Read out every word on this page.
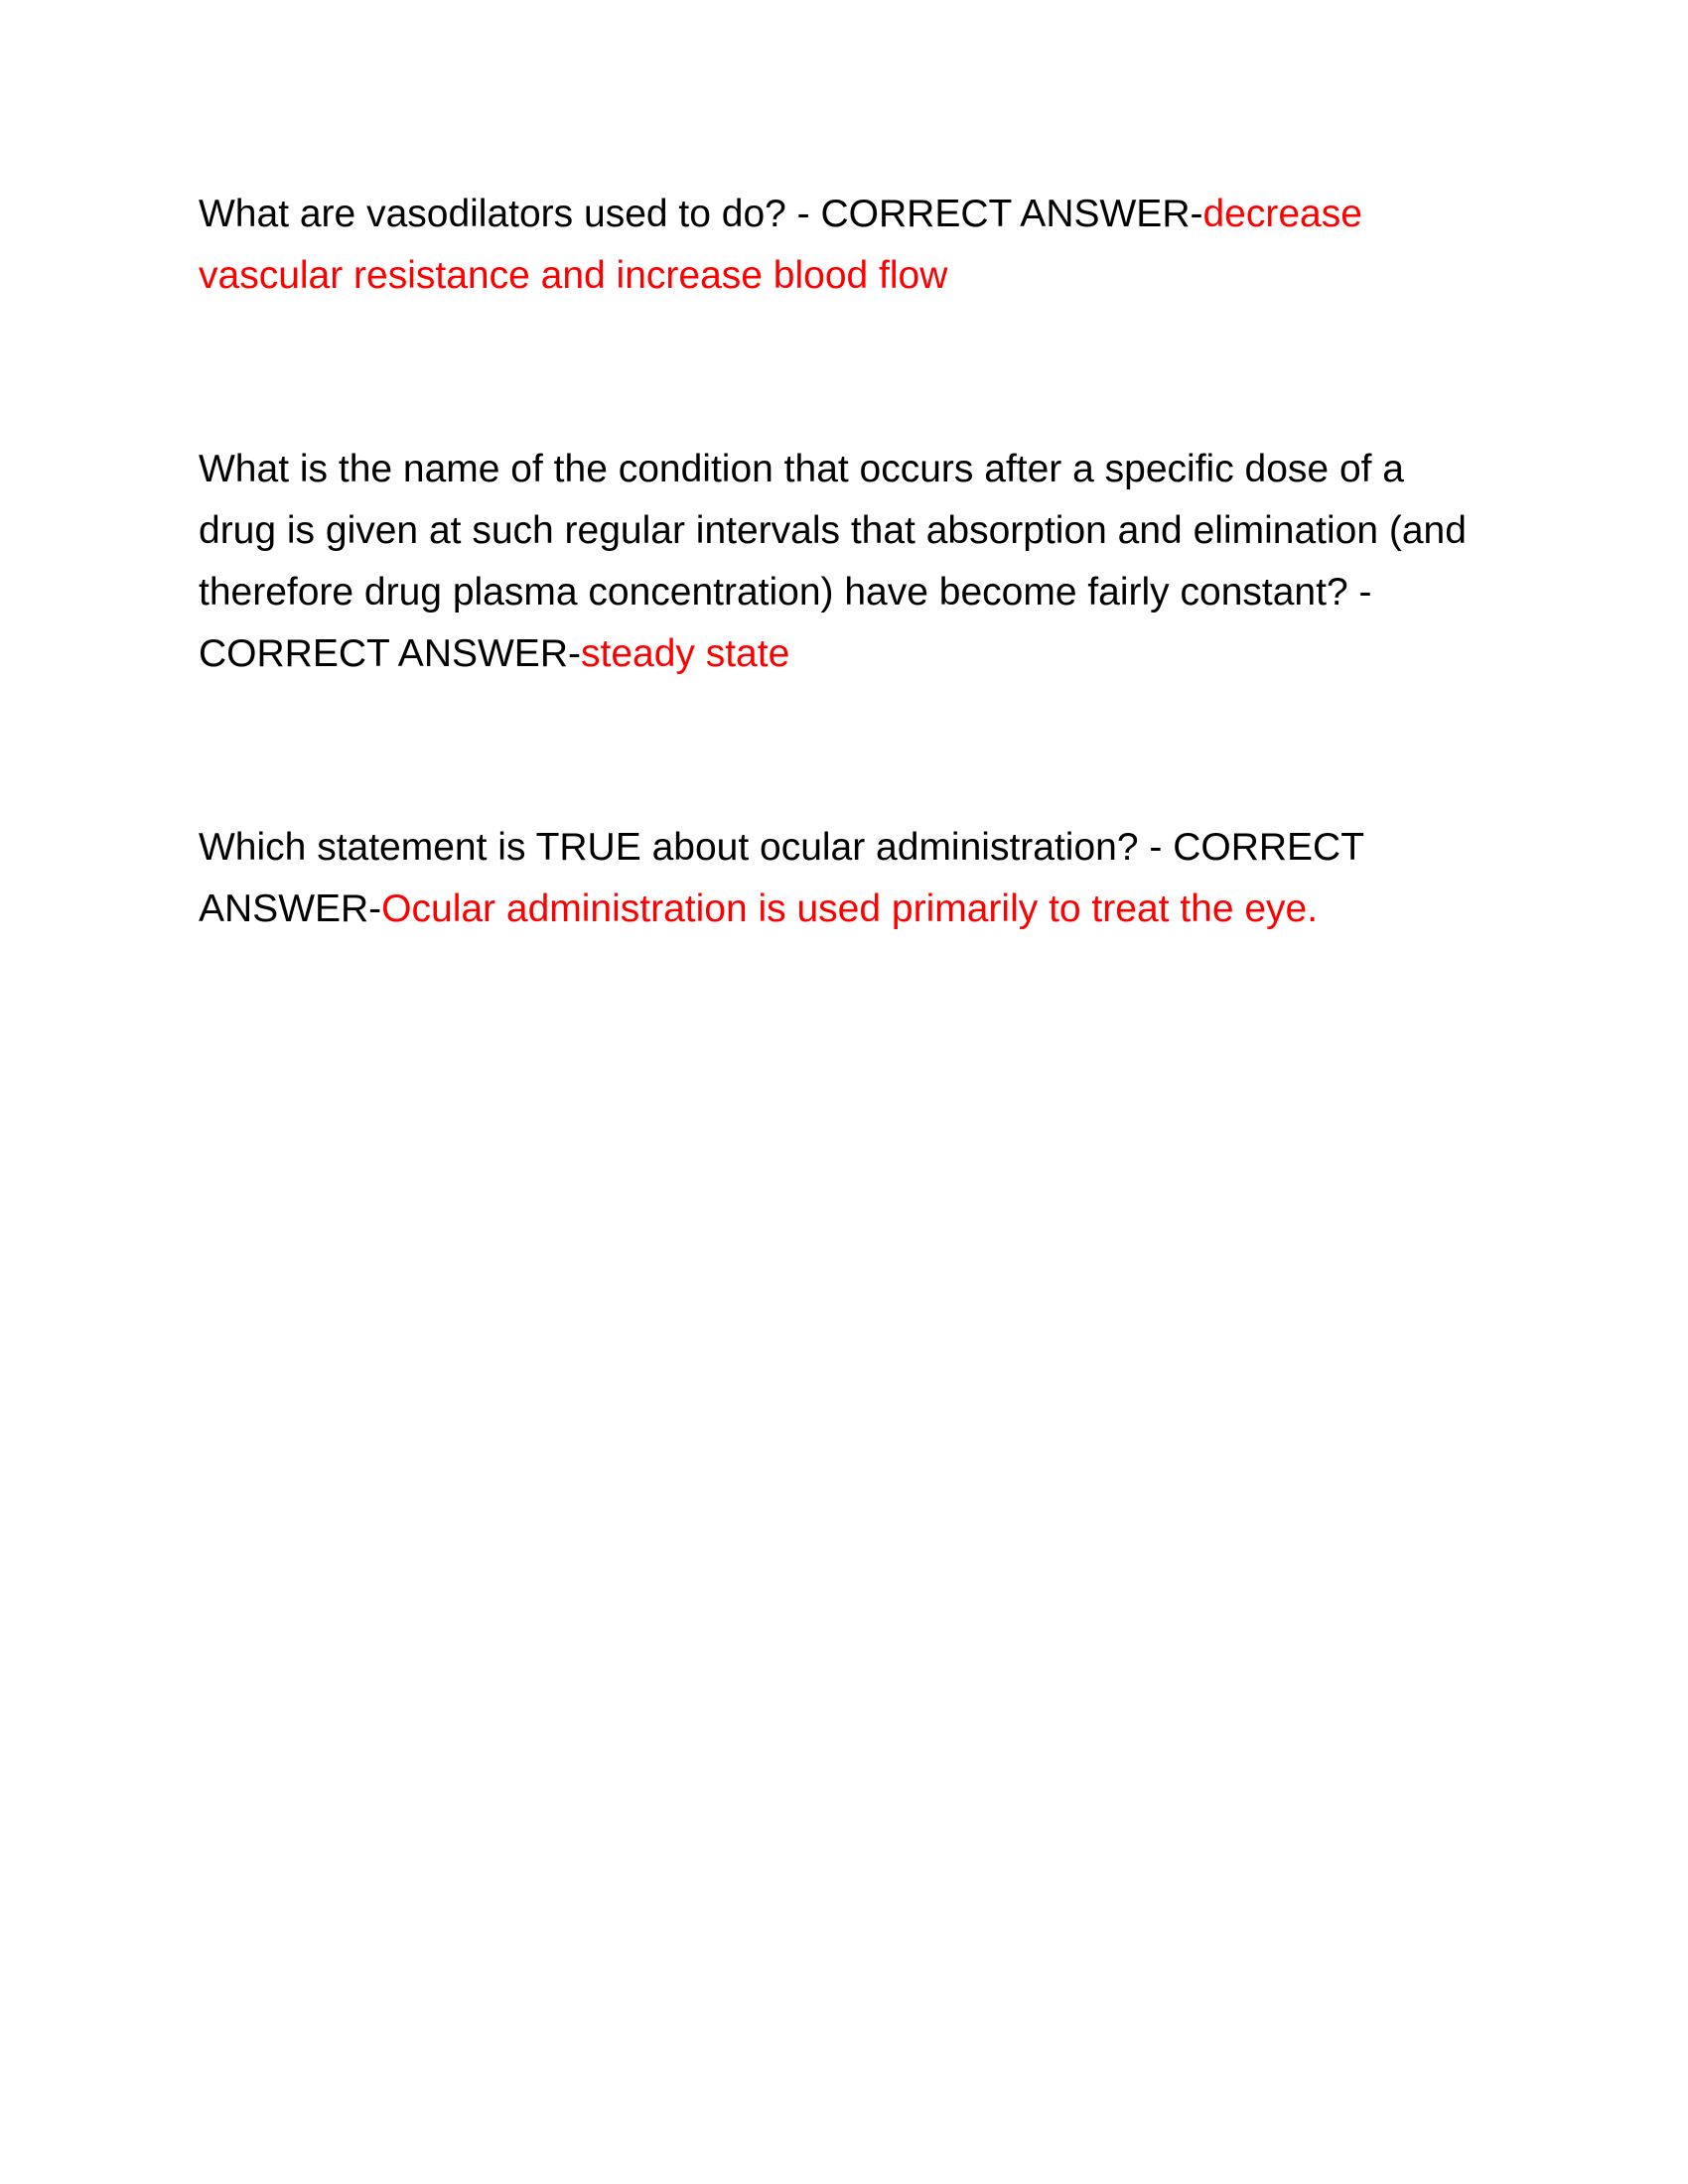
What are vasodilators used to do? - CORRECT ANSWER-decrease vascular resistance and increase blood flow

What is the name of the condition that occurs after a specific dose of a drug is given at such regular intervals that absorption and elimination (and therefore drug plasma concentration) have become fairly constant? - CORRECT ANSWER-steady state

Which statement is TRUE about ocular administration? - CORRECT ANSWER-Ocular administration is used primarily to treat the eye.
